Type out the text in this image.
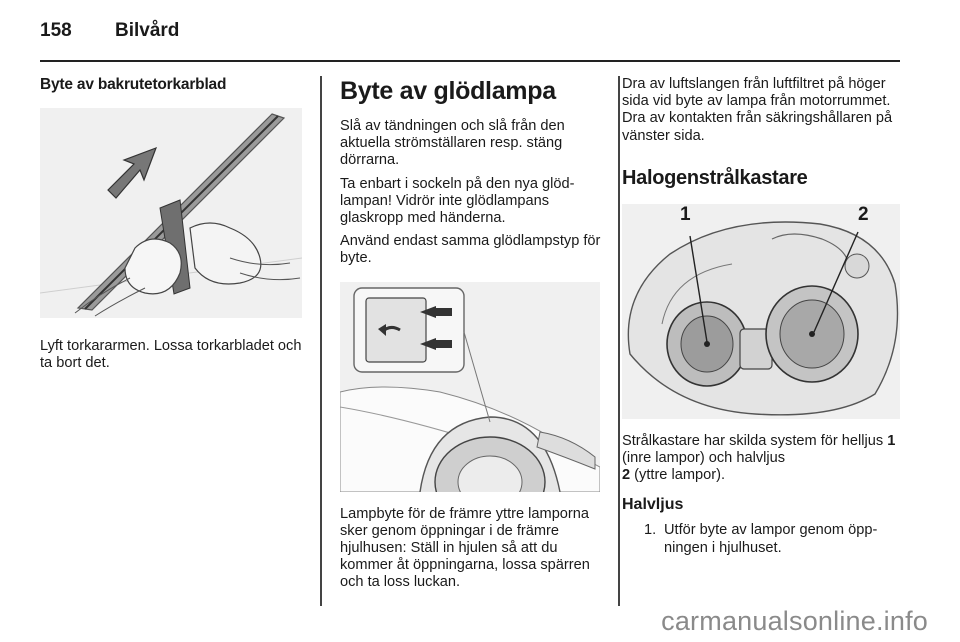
158	Bilvård
Byte av bakrutetorkarblad
Lyft torkararmen. Lossa torkarbladet och ta bort det.
Byte av glödlampa
Slå av tändningen och slå från den aktuella strömställaren resp. stäng dörrarna.
Ta enbart i sockeln på den nya glödlampan! Vidrör inte glödlampans glaskropp med händerna.
Använd endast samma glödlampstyp för byte.
Lampbyte för de främre yttre lamporna sker genom öppningar i de främre hjulhusen: Ställ in hjulen så att du kommer åt öppningarna, lossa spärren och ta loss luckan.
Dra av luftslangen från luftfiltret på höger sida vid byte av lampa från motorrummet. Dra av kontakten från säkringshållaren på vänster sida.
Halogenstrålkastare
1	2
Strålkastare har skilda system för helljus 1 (inre lampor) och halvljus
2 (yttre lampor).
Halvljus
1. Utför byte av lampor genom öppningen i hjulhuset.
carmanualsonline.info
